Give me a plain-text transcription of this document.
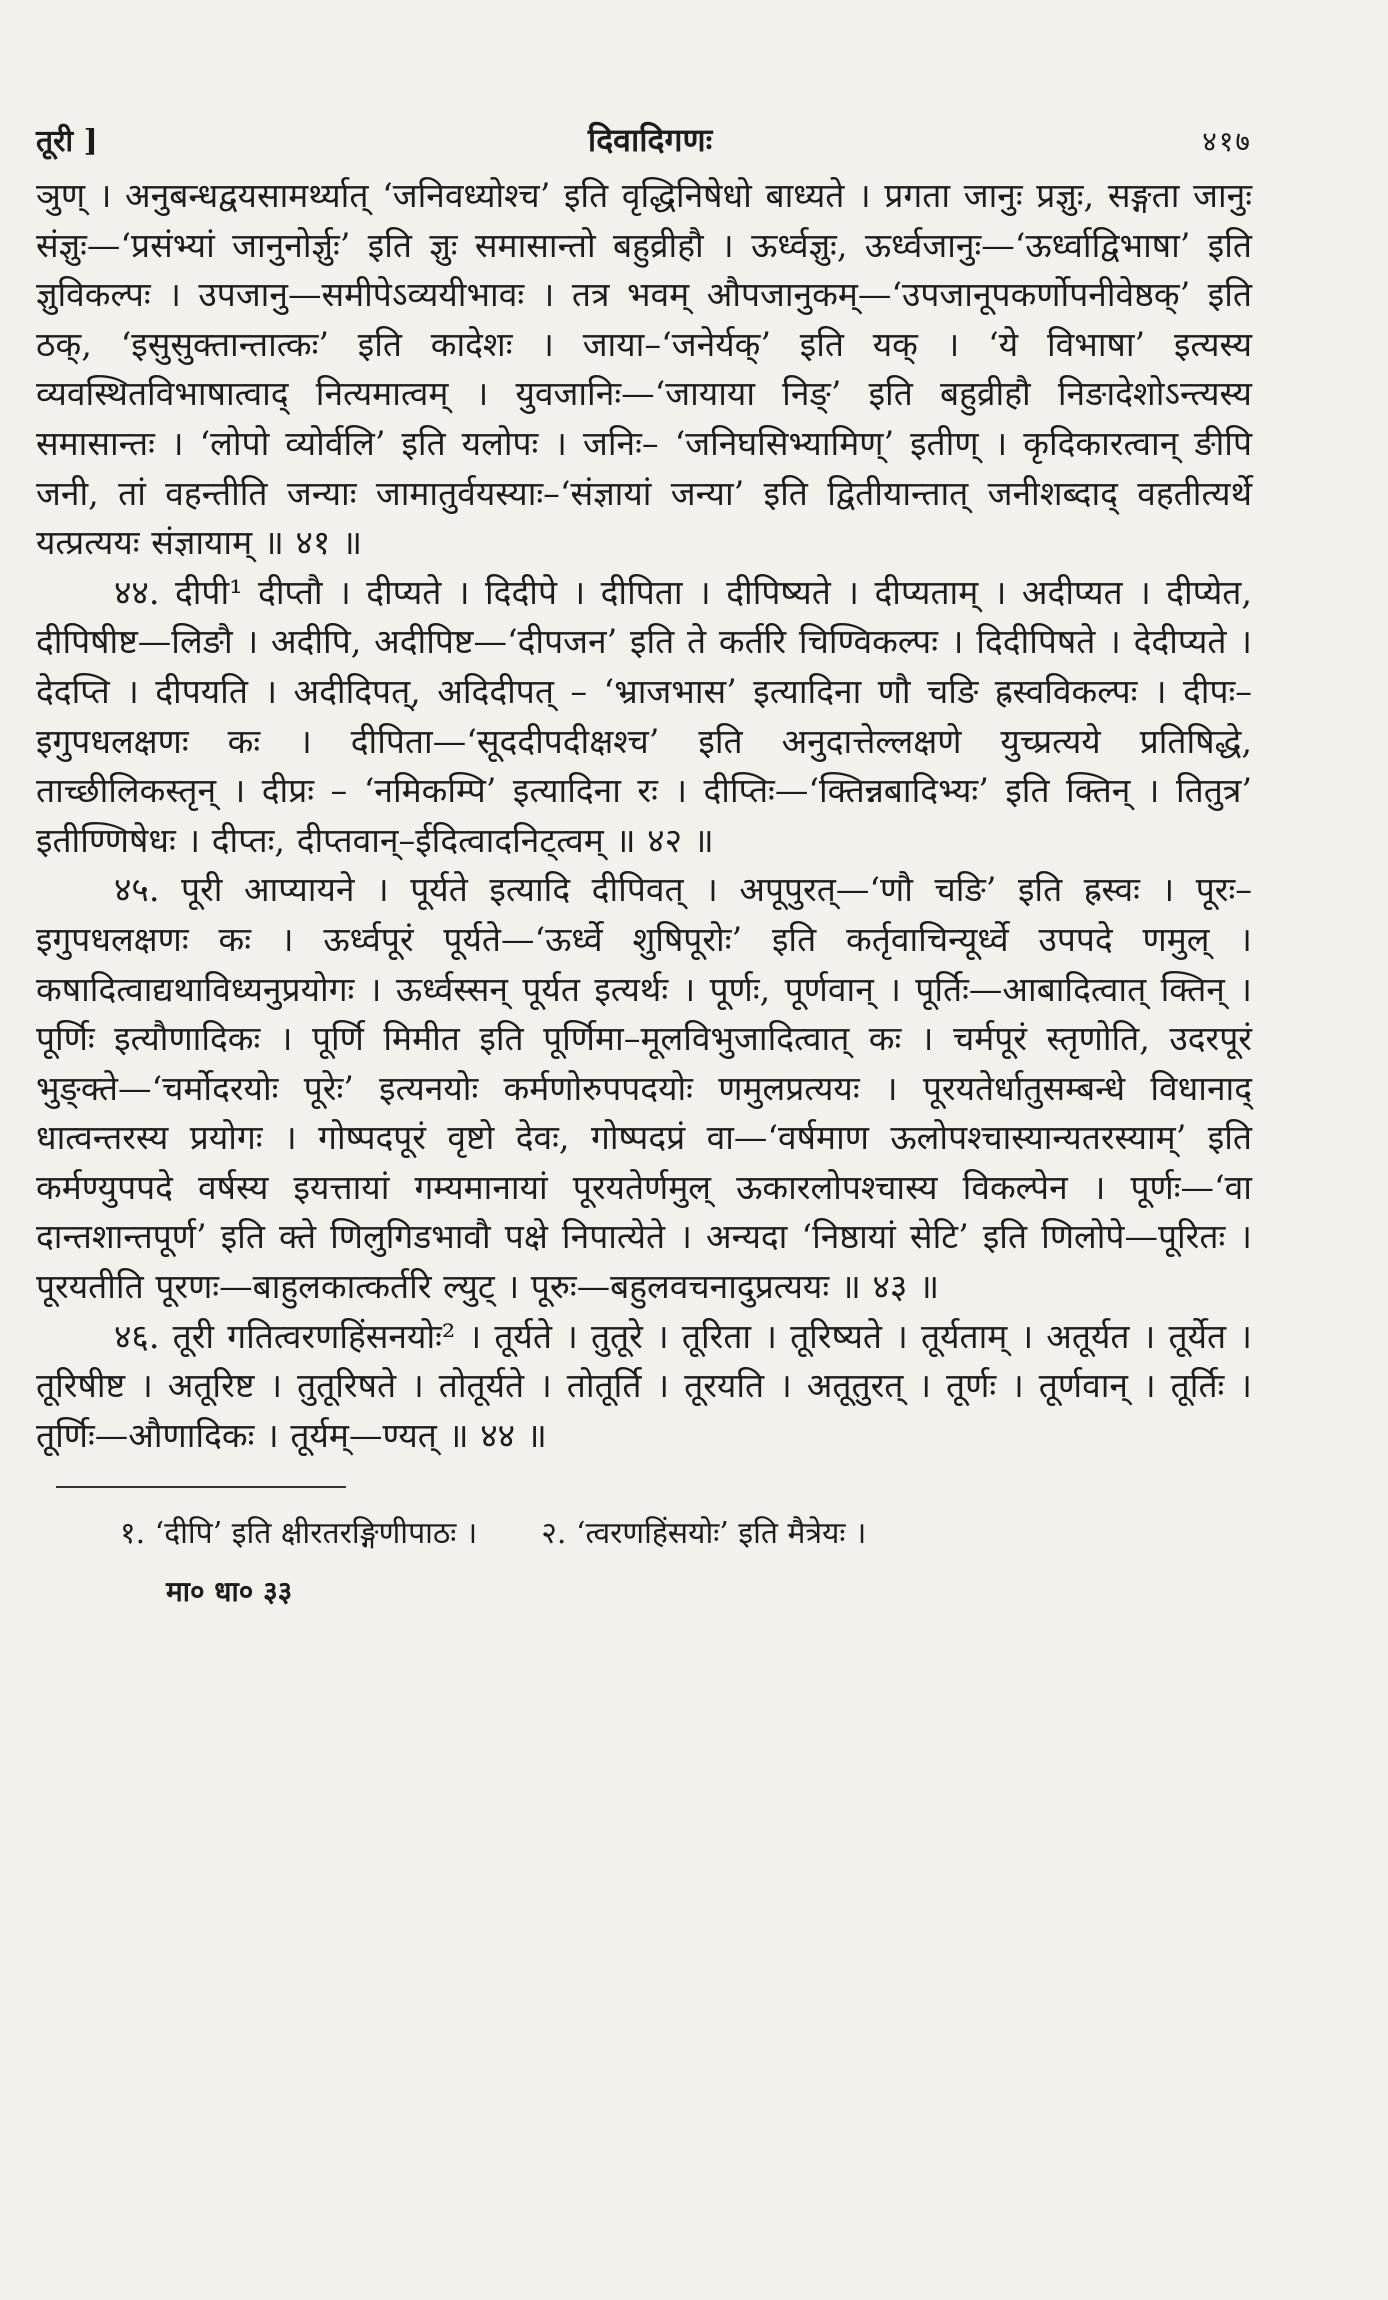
तूरी ]	दिवादिगणः	४१७

ञुण् । अनुबन्धद्वयसामर्थ्यात् ‘जनिवध्योश्च’ इति वृद्धिनिषेधो बाध्यते । प्रगता जानुः प्रज्ञुः, सङ्गता जानुः संज्ञुः—‘प्रसंभ्यां जानुनोर्ज्ञुः’ इति ज्ञुः समासान्तो बहुव्रीहौ । ऊर्ध्वज्ञुः, ऊर्ध्वजानुः—‘ऊर्ध्वाद्विभाषा’ इति ज्ञुविकल्पः । उपजानु—समीपेऽव्ययीभावः । तत्र भवम् औपजानुकम्—‘उपजानूपकर्णोपनीवेष्ठक्’ इति ठक्, ‘इसुसुक्तान्तात्कः’ इति कादेशः । जाया–‘जनेर्यक्’ इति यक् । ‘ये विभाषा’ इत्यस्य व्यवस्थितविभाषात्वाद् नित्यमात्वम् । युवजानिः—‘जायाया निङ्’ इति बहुव्रीहौ निङादेशोऽन्त्यस्य समासान्तः । ‘लोपो व्योर्वलि’ इति यलोपः । जनिः– ‘जनिघसिभ्यामिण्’ इतीण् । कृदिकारत्वान् ङीपि जनी, तां वहन्तीति जन्याः जामातुर्वयस्याः–‘संज्ञायां जन्या’ इति द्वितीयान्तात् जनीशब्दाद् वहतीत्यर्थे यत्प्रत्ययः संज्ञायाम् ॥ ४१ ॥

४४. दीपी¹ दीप्तौ । दीप्यते । दिदीपे । दीपिता । दीपिष्यते । दीप्यताम् । अदीप्यत । दीप्येत, दीपिषीष्ट—लिङौ । अदीपि, अदीपिष्ट—‘दीपजन’ इति ते कर्तरि चिण्विकल्पः । दिदीपिषते । देदीप्यते । देदप्ति । दीपयति । अदीदिपत्, अदिदीपत् – ‘भ्राजभास’ इत्यादिना णौ चङि ह्रस्वविकल्पः । दीपः–इगुपधलक्षणः कः । दीपिता—‘सूददीपदीक्षश्च’ इति अनुदात्तेल्लक्षणे युच्प्रत्यये प्रतिषिद्धे, ताच्छीलिकस्तृन् । दीप्रः – ‘नमिकम्पि’ इत्यादिना रः । दीप्तिः—‘क्तिन्नबादिभ्यः’ इति क्तिन् । तितुत्र’ इतीण्णिषेधः । दीप्तः, दीप्तवान्–ईदित्वादनिट्त्वम् ॥ ४२ ॥

४५. पूरी आप्यायने । पूर्यते इत्यादि दीपिवत् । अपूपुरत्—‘णौ चङि’ इति ह्रस्वः । पूरः–इगुपधलक्षणः कः । ऊर्ध्वपूरं पूर्यते—‘ऊर्ध्वे शुषिपूरोः’ इति कर्तृवाचिन्यूर्ध्वे उपपदे णमुल् । कषादित्वाद्यथाविध्यनुप्रयोगः । ऊर्ध्वस्सन् पूर्यत इत्यर्थः । पूर्णः, पूर्णवान् । पूर्तिः—आबादित्वात् क्तिन् । पूर्णिः इत्यौणादिकः । पूर्णि मिमीत इति पूर्णिमा–मूलविभुजादित्वात् कः । चर्मपूरं स्तृणोति, उदरपूरं भुङ्क्ते—‘चर्मोदरयोः पूरेः’ इत्यनयोः कर्मणोरुपपदयोः णमुलप्रत्ययः । पूरयतेर्धातुसम्बन्धे विधानाद् धात्वन्तरस्य प्रयोगः । गोष्पदपूरं वृष्टो देवः, गोष्पदप्रं वा—‘वर्षमाण ऊलोपश्चास्यान्यतरस्याम्’ इति कर्मण्युपपदे वर्षस्य इयत्तायां गम्यमानायां पूरयतेर्णमुल् ऊकारलोपश्चास्य विकल्पेन । पूर्णः—‘वा दान्तशान्तपूर्ण’ इति क्ते णिलुगिडभावौ पक्षे निपात्येते । अन्यदा ‘निष्ठायां सेटि’ इति णिलोपे—पूरितः । पूरयतीति पूरणः—बाहुलकात्कर्तरि ल्युट् । पूरुः—बहुलवचनादुप्रत्ययः ॥ ४३ ॥

४६. तूरी गतित्वरणहिंसनयोः² । तूर्यते । तुतूरे । तूरिता । तूरिष्यते । तूर्यताम् । अतूर्यत । तूर्येत । तूरिषीष्ट । अतूरिष्ट । तुतूरिषते । तोतूर्यते । तोतूर्ति । तूरयति । अतूतुरत् । तूर्णः । तूर्णवान् । तूर्तिः । तूर्णिः—औणादिकः । तूर्यम्—ण्यत् ॥ ४४ ॥

१. ‘दीपि’ इति क्षीरतरङ्गिणीपाठः । २. ‘त्वरणहिंसयोः’ इति मैत्रेयः ।
मा० धा० ३३
